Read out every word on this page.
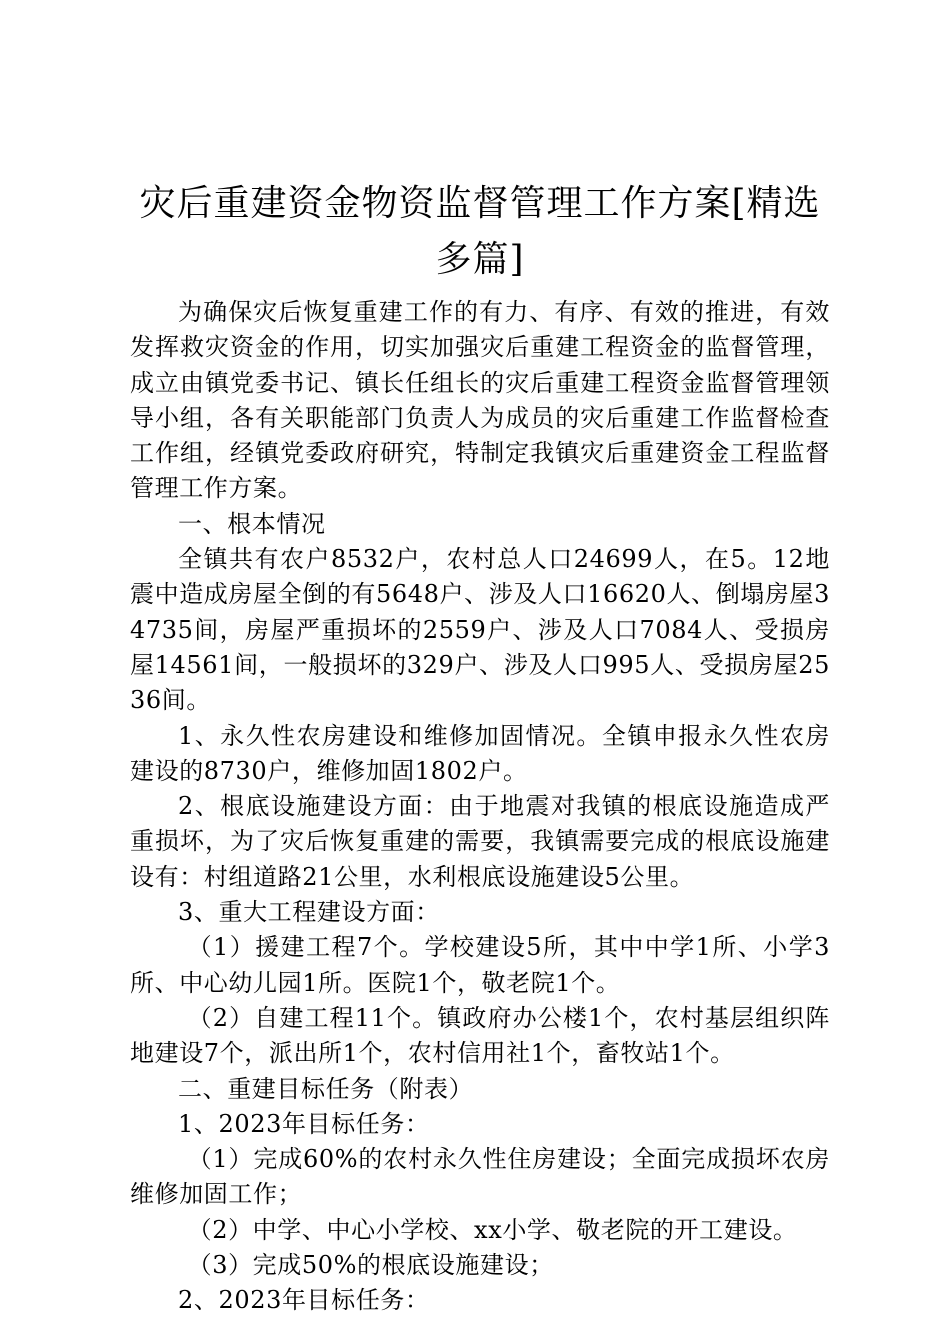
灾后重建资金物资监督管理工作方案[精选多篇]

为确保灾后恢复重建工作的有力、有序、有效的推进，有效发挥救灾资金的作用，切实加强灾后重建工程资金的监督管理，成立由镇党委书记、镇长任组长的灾后重建工程资金监督管理领导小组，各有关职能部门负责人为成员的灾后重建工作监督检查工作组，经镇党委政府研究，特制定我镇灾后重建资金工程监督管理工作方案。

一、根本情况

全镇共有农户8532户，农村总人口24699人，在5。12地震中造成房屋全倒的有5648户、涉及人口16620人、倒塌房屋34735间，房屋严重损坏的2559户、涉及人口7084人、受损房屋14561间，一般损坏的329户、涉及人口995人、受损房屋2536间。

1、永久性农房建设和维修加固情况。全镇申报永久性农房建设的8730户，维修加固1802户。

2、根底设施建设方面：由于地震对我镇的根底设施造成严重损坏，为了灾后恢复重建的需要，我镇需要完成的根底设施建设有：村组道路21公里，水利根底设施建设5公里。

3、重大工程建设方面：

（1）援建工程7个。学校建设5所，其中中学1所、小学3所、中心幼儿园1所。医院1个，敬老院1个。

（2）自建工程11个。镇政府办公楼1个，农村基层组织阵地建设7个，派出所1个，农村信用社1个，畜牧站1个。

二、重建目标任务（附表）

1、2023年目标任务：

（1）完成60%的农村永久性住房建设；全面完成损坏农房维修加固工作；

（2）中学、中心小学校、xx小学、敬老院的开工建设。

（3）完成50%的根底设施建设；

2、2023年目标任务：
